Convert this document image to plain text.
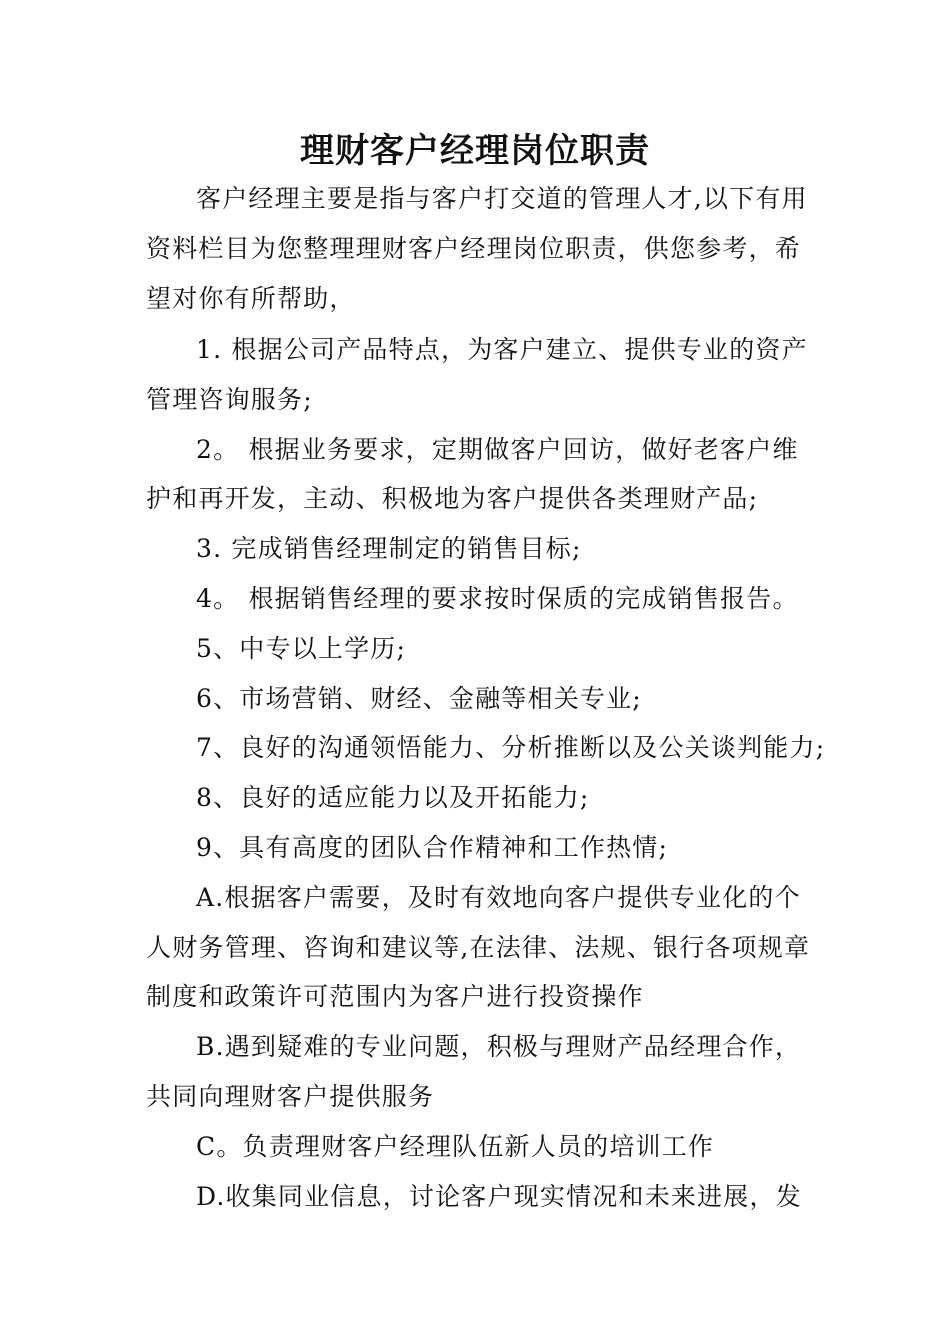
理财客户经理岗位职责
客户经理主要是指与客户打交道的管理人才,以下有用
资料栏目为您整理理财客户经理岗位职责，供您参考，希
望对你有所帮助，
1. 根据公司产品特点，为客户建立、提供专业的资产
管理咨询服务;
2。 根据业务要求，定期做客户回访，做好老客户维
护和再开发，主动、积极地为客户提供各类理财产品;
3. 完成销售经理制定的销售目标;
4。 根据销售经理的要求按时保质的完成销售报告。
5、中专以上学历;
6、市场营销、财经、金融等相关专业;
7、良好的沟通领悟能力、分析推断以及公关谈判能力;
8、良好的适应能力以及开拓能力;
9、具有高度的团队合作精神和工作热情;
A.根据客户需要，及时有效地向客户提供专业化的个
人财务管理、咨询和建议等,在法律、法规、银行各项规章
制度和政策许可范围内为客户进行投资操作
B.遇到疑难的专业问题，积极与理财产品经理合作，
共同向理财客户提供服务
C。负责理财客户经理队伍新人员的培训工作
D.收集同业信息，讨论客户现实情况和未来进展，发
